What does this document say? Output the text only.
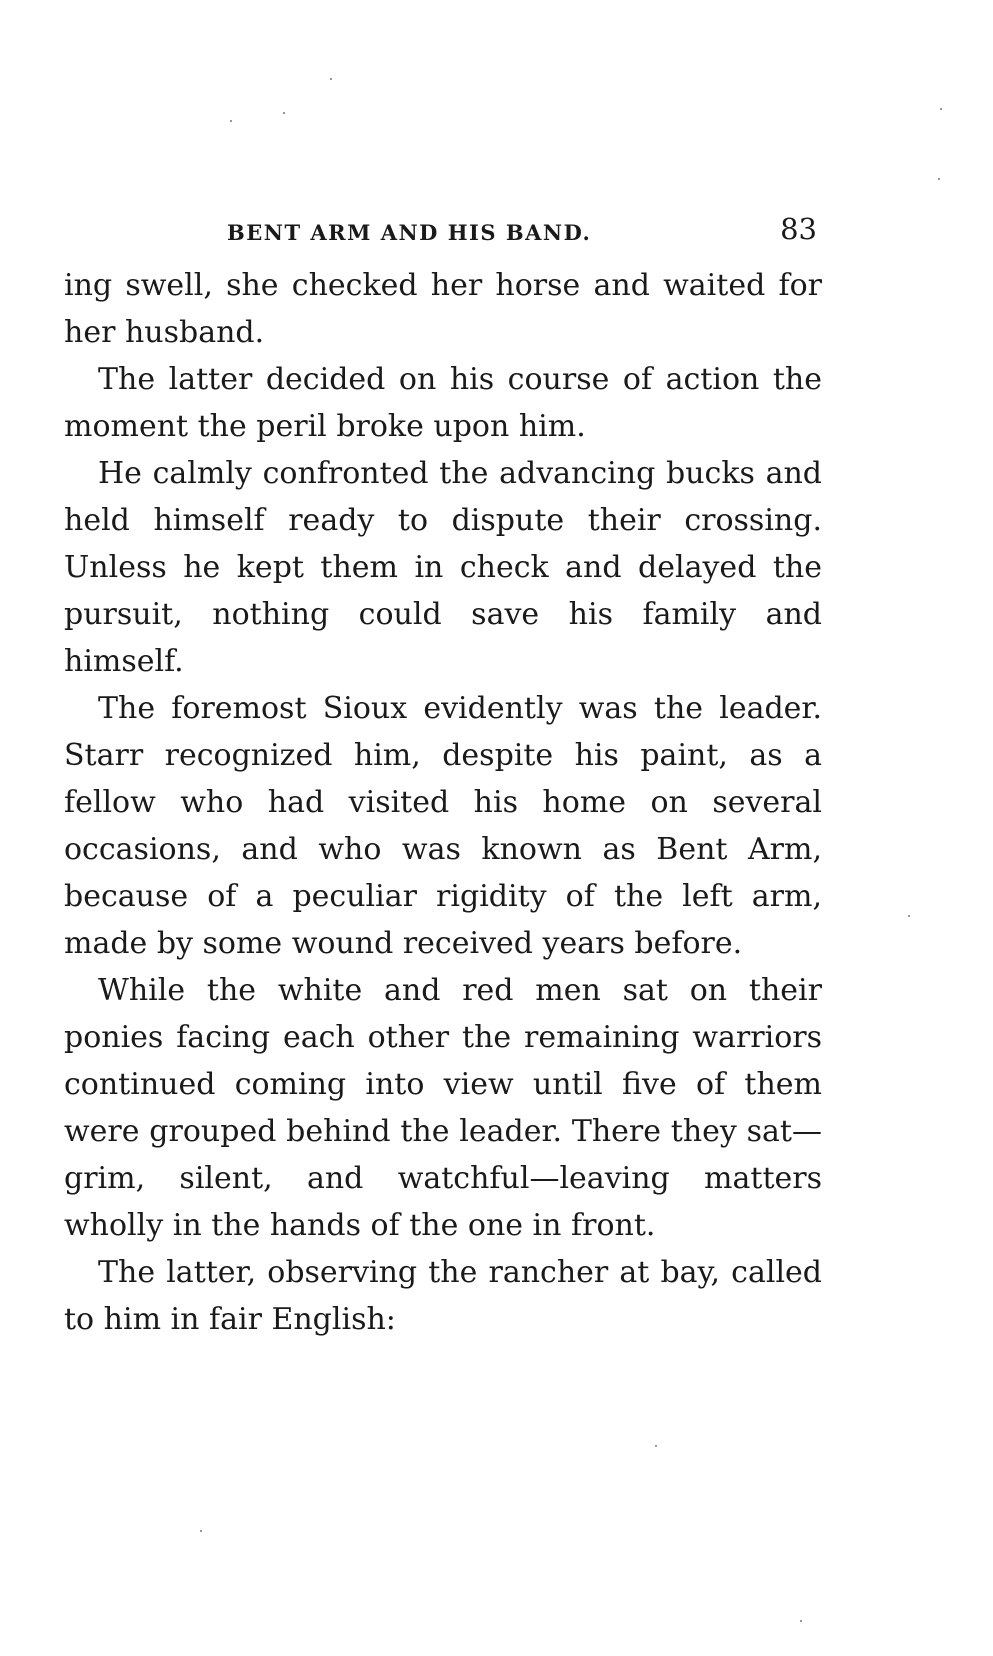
BENT ARM AND HIS BAND.	83

ing swell, she checked her horse and waited for her husband.

The latter decided on his course of action the moment the peril broke upon him.

He calmly confronted the advancing bucks and held himself ready to dispute their crossing. Unless he kept them in check and delayed the pursuit, nothing could save his family and himself.

The foremost Sioux evidently was the leader. Starr recognized him, despite his paint, as a fellow who had visited his home on several occasions, and who was known as Bent Arm, because of a peculiar rigidity of the left arm, made by some wound received years before.

While the white and red men sat on their ponies facing each other the remaining warriors continued coming into view until five of them were grouped behind the leader. There they sat—grim, silent, and watchful—leaving matters wholly in the hands of the one in front.

The latter, observing the rancher at bay, called to him in fair English:
